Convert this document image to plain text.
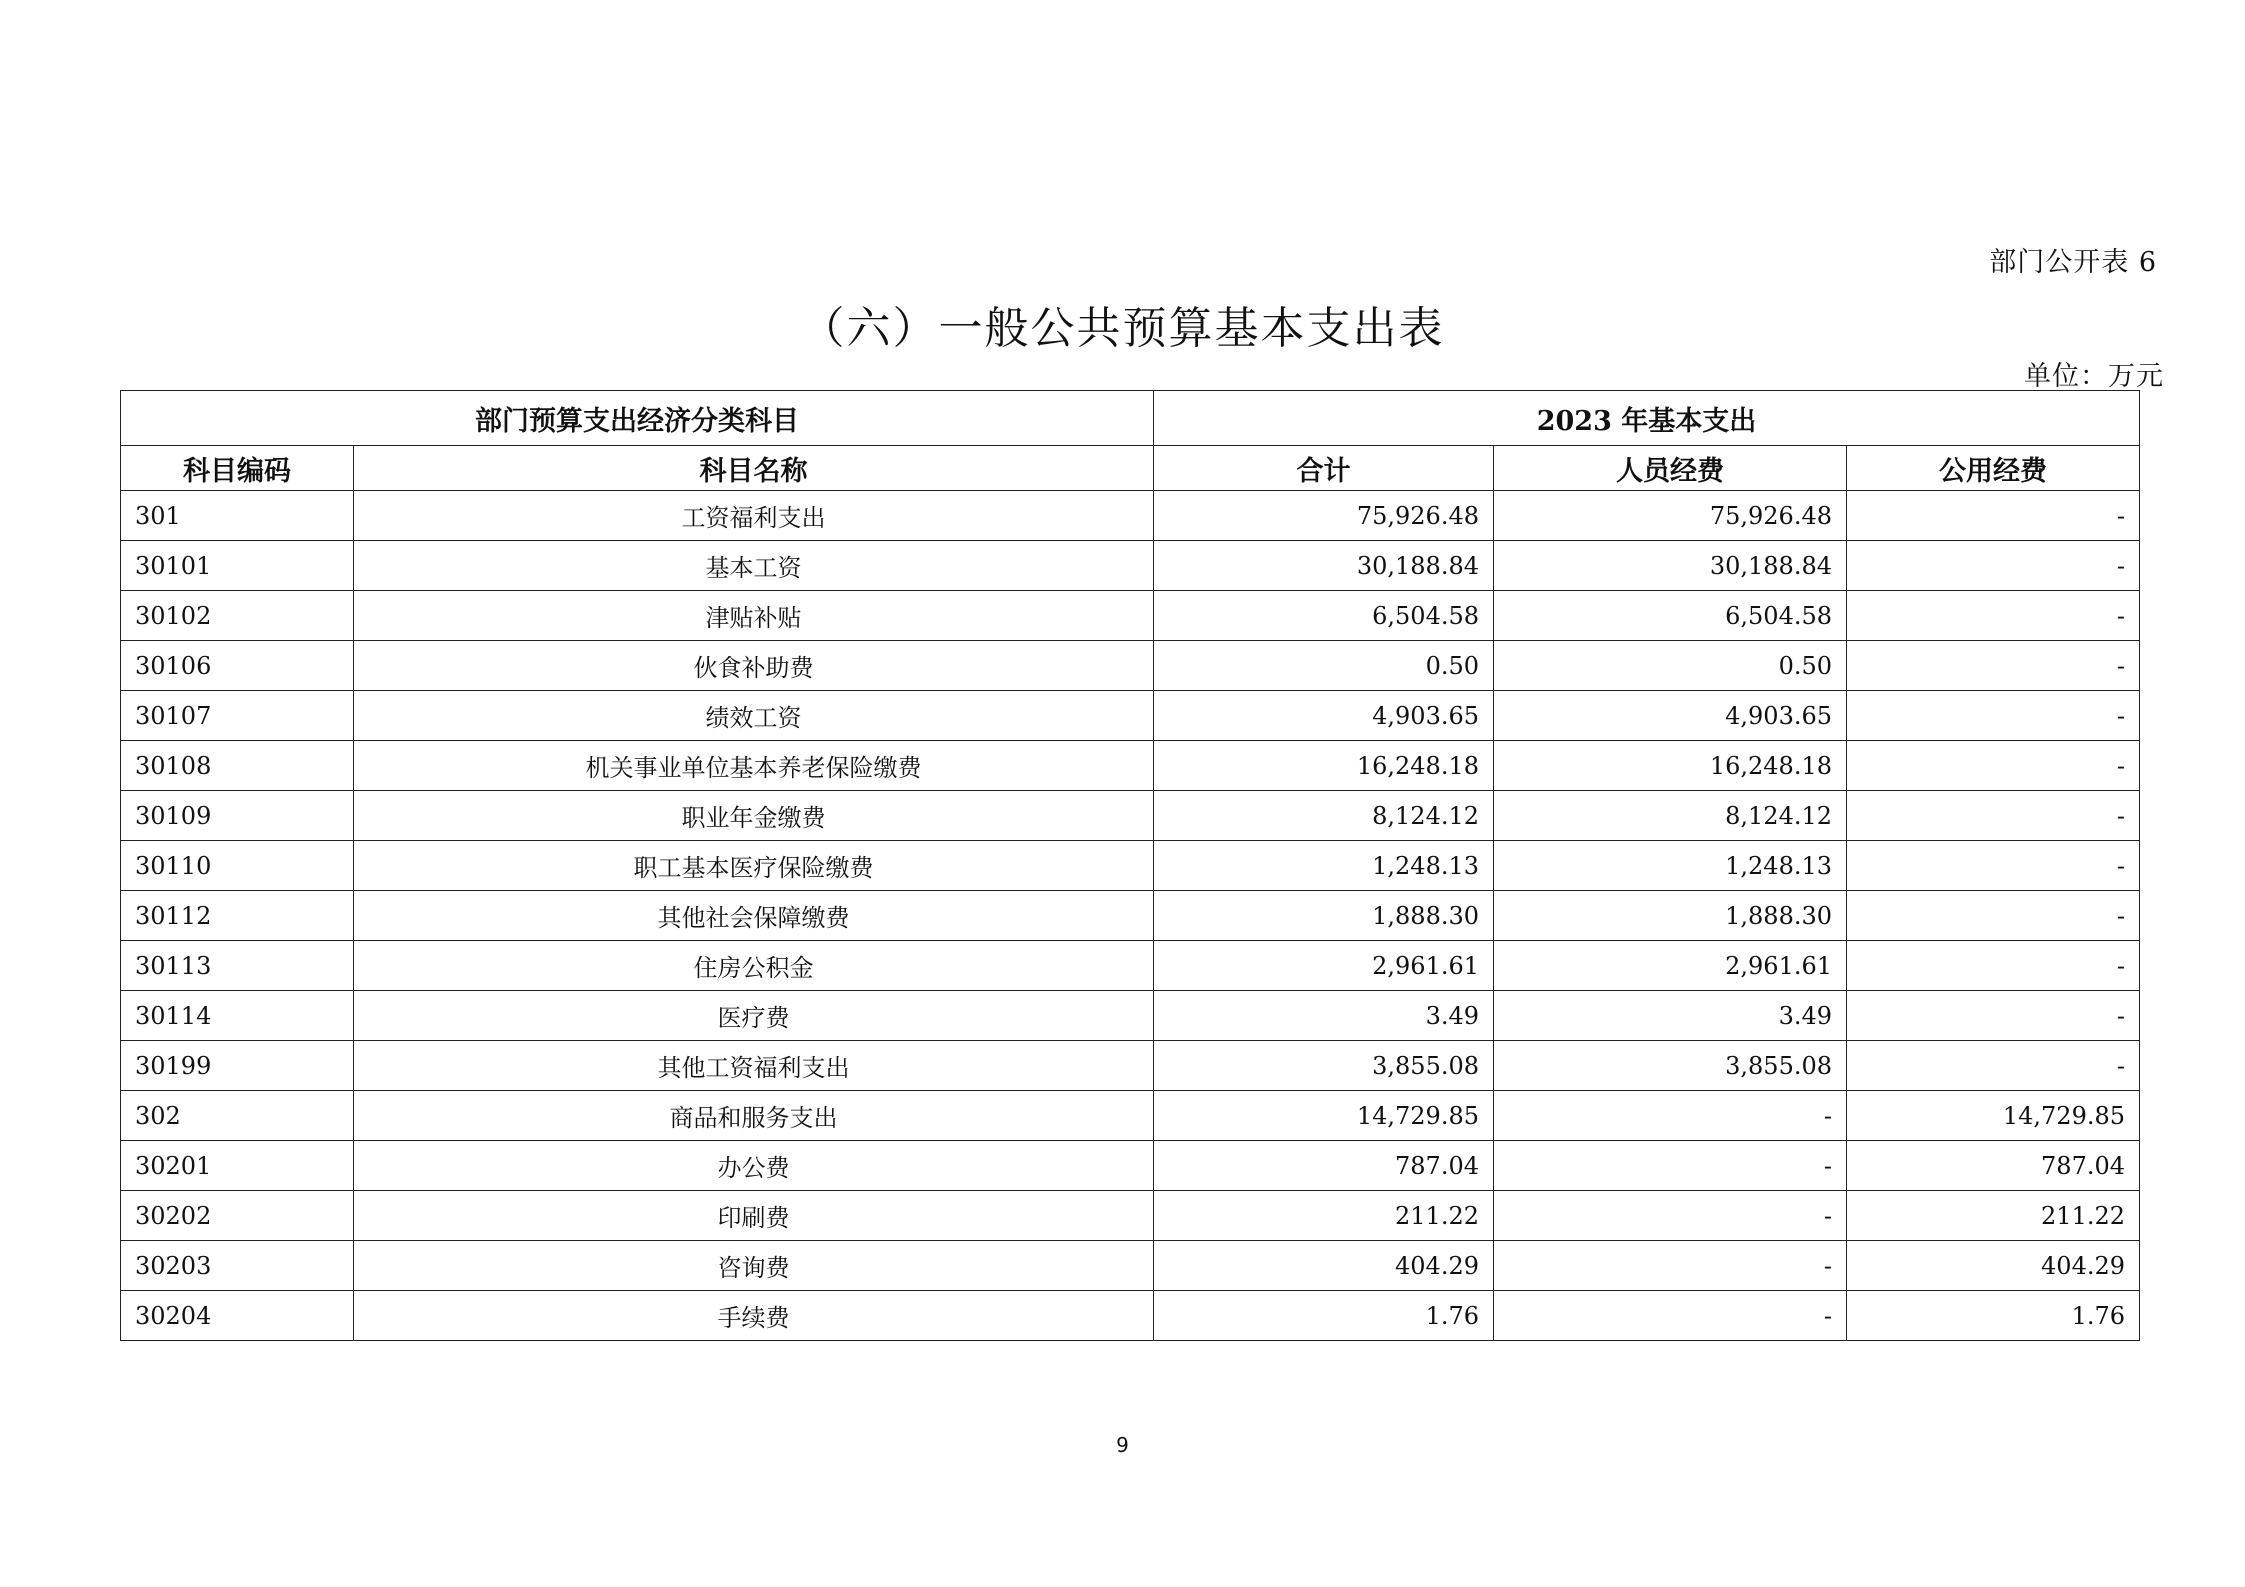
部门公开表 6
（六）一般公共预算基本支出表
单位：万元
部门预算支出经济分类科目		2023 年基本支出		
科目编码	科目名称	合计	人员经费	公用经费
301	工资福利支出	75,926.48	75,926.48	-
30101	基本工资	30,188.84	30,188.84	-
30102	津贴补贴	6,504.58	6,504.58	-
30106	伙食补助费	0.50	0.50	-
30107	绩效工资	4,903.65	4,903.65	-
30108	机关事业单位基本养老保险缴费	16,248.18	16,248.18	-
30109	职业年金缴费	8,124.12	8,124.12	-
30110	职工基本医疗保险缴费	1,248.13	1,248.13	-
30112	其他社会保障缴费	1,888.30	1,888.30	-
30113	住房公积金	2,961.61	2,961.61	-
30114	医疗费	3.49	3.49	-
30199	其他工资福利支出	3,855.08	3,855.08	-
302	商品和服务支出	14,729.85	-	14,729.85
30201	办公费	787.04	-	787.04
30202	印刷费	211.22	-	211.22
30203	咨询费	404.29	-	404.29
30204	手续费	1.76	-	1.76
9
